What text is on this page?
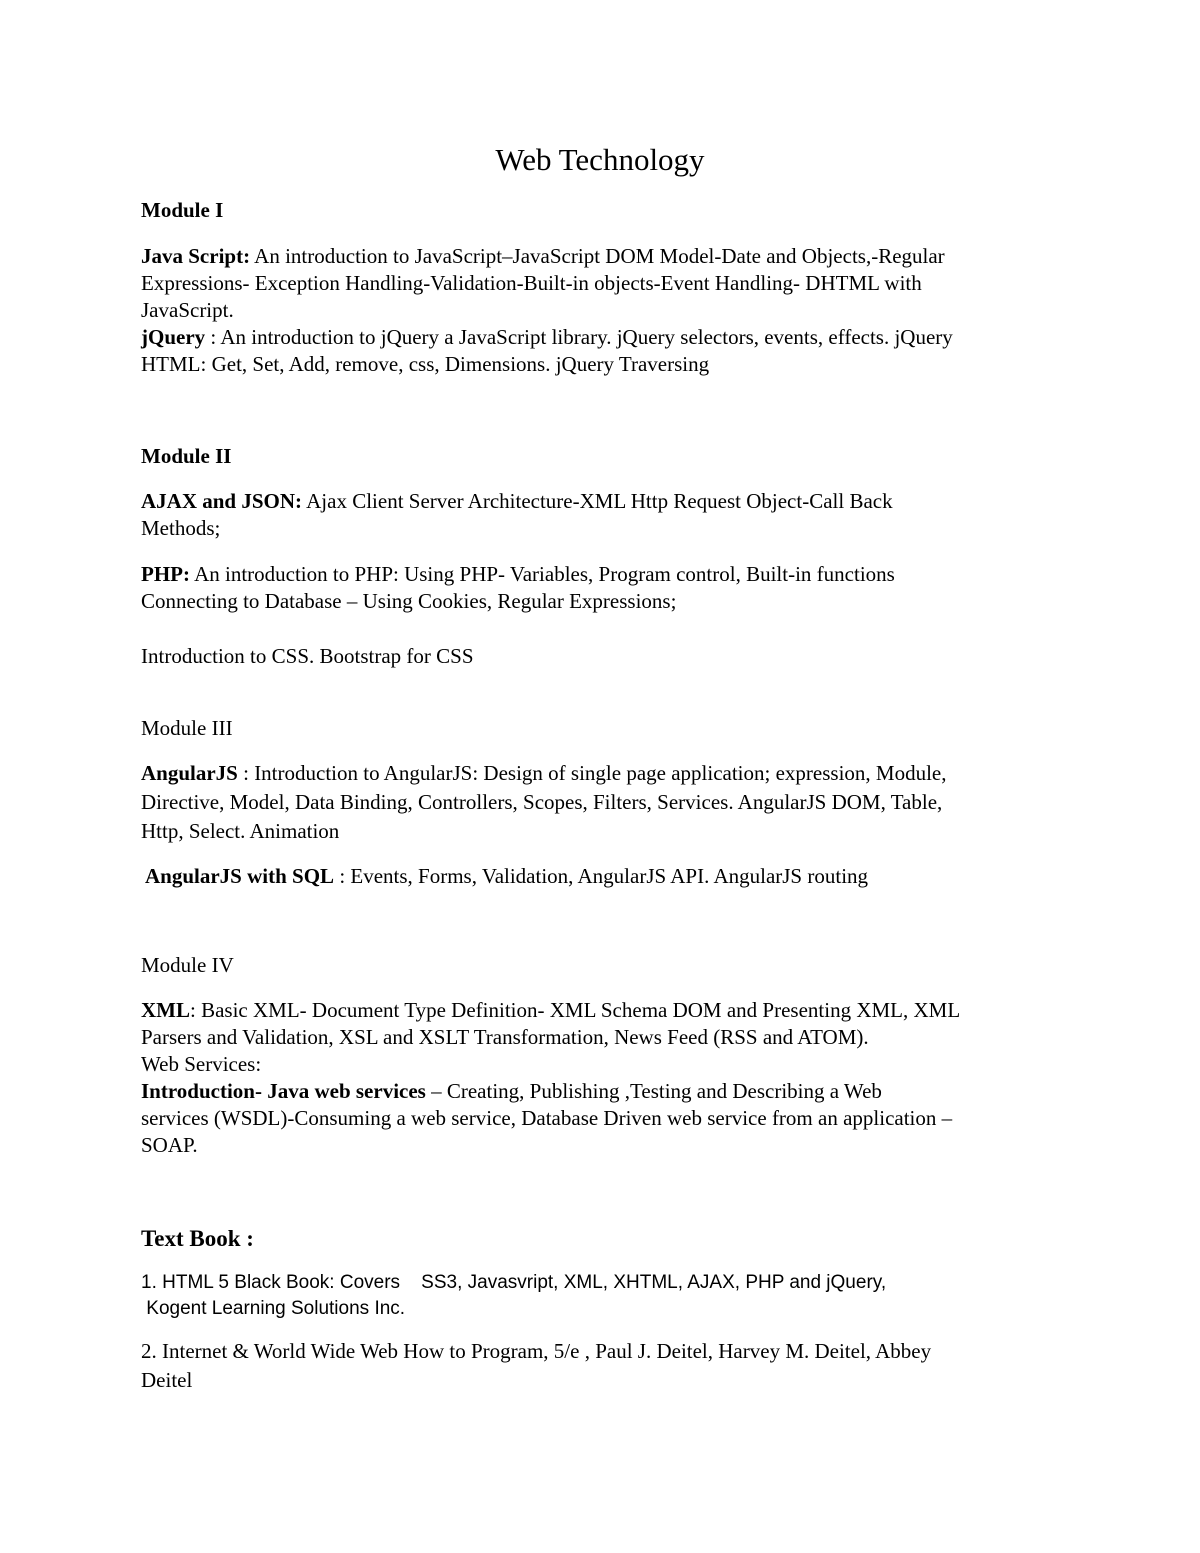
Web Technology
Module I
Java Script: An introduction to JavaScript–JavaScript DOM Model-Date and Objects,-Regular
Expressions- Exception Handling-Validation-Built-in objects-Event Handling- DHTML with
JavaScript.
jQuery : An introduction to jQuery a JavaScript library. jQuery selectors, events, effects. jQuery
HTML: Get, Set, Add, remove, css, Dimensions. jQuery Traversing
Module II
AJAX and JSON: Ajax Client Server Architecture-XML Http Request Object-Call Back
Methods;
PHP: An introduction to PHP: Using PHP- Variables, Program control, Built-in functions
Connecting to Database – Using Cookies, Regular Expressions;
Introduction to CSS. Bootstrap for CSS
Module III
AngularJS : Introduction to AngularJS: Design of single page application; expression, Module,
Directive, Model, Data Binding, Controllers, Scopes, Filters, Services. AngularJS DOM, Table,
Http, Select. Animation
AngularJS with SQL : Events, Forms, Validation, AngularJS API. AngularJS routing
Module IV
XML: Basic XML- Document Type Definition- XML Schema DOM and Presenting XML, XML
Parsers and Validation, XSL and XSLT Transformation, News Feed (RSS and ATOM).
Web Services:
Introduction- Java web services – Creating, Publishing ,Testing and Describing a Web
services (WSDL)-Consuming a web service, Database Driven web service from an application –
SOAP.
Text Book :
1. HTML 5 Black Book: Covers    SS3, Javasvript, XML, XHTML, AJAX, PHP and jQuery,
Kogent Learning Solutions Inc.
2. Internet & World Wide Web How to Program, 5/e , Paul J. Deitel, Harvey M. Deitel, Abbey
Deitel
